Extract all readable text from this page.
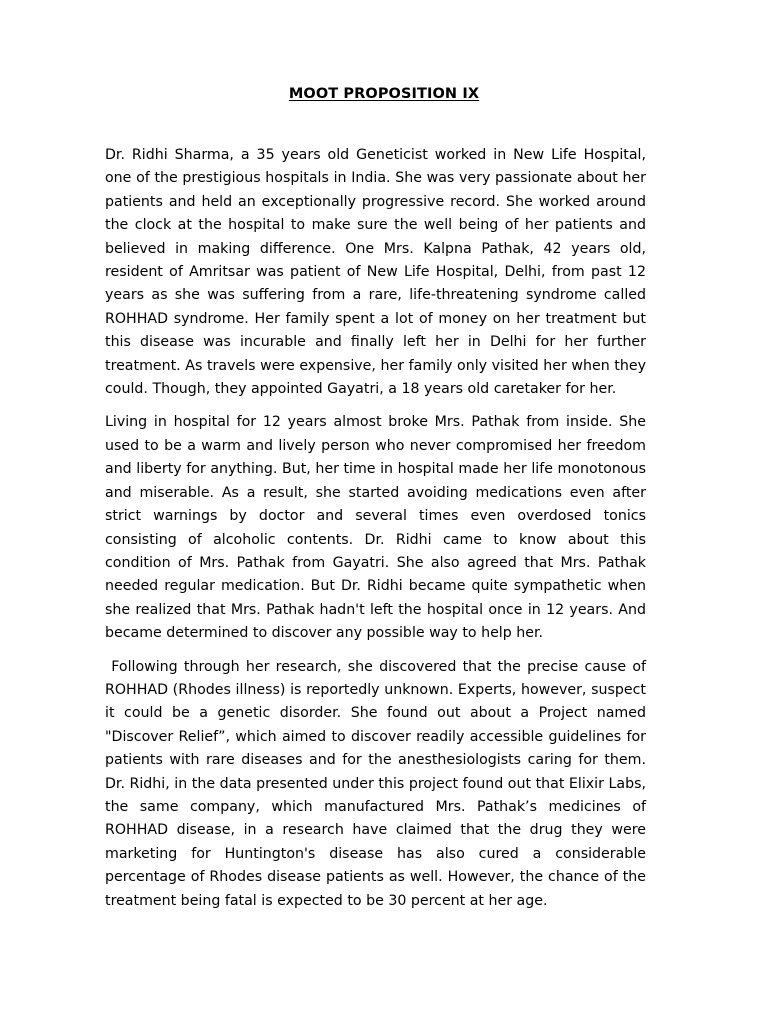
MOOT PROPOSITION IX

Dr. Ridhi Sharma, a 35 years old Geneticist worked in New Life Hospital, one of the prestigious hospitals in India. She was very passionate about her patients and held an exceptionally progressive record. She worked around the clock at the hospital to make sure the well being of her patients and believed in making difference. One Mrs. Kalpna Pathak, 42 years old, resident of Amritsar was patient of New Life Hospital, Delhi, from past 12 years as she was suffering from a rare, life-threatening syndrome called ROHHAD syndrome. Her family spent a lot of money on her treatment but this disease was incurable and finally left her in Delhi for her further treatment. As travels were expensive, her family only visited her when they could. Though, they appointed Gayatri, a 18 years old caretaker for her.

Living in hospital for 12 years almost broke Mrs. Pathak from inside. She used to be a warm and lively person who never compromised her freedom and liberty for anything. But, her time in hospital made her life monotonous and miserable. As a result, she started avoiding medications even after strict warnings by doctor and several times even overdosed tonics consisting of alcoholic contents. Dr. Ridhi came to know about this condition of Mrs. Pathak from Gayatri. She also agreed that Mrs. Pathak needed regular medication. But Dr. Ridhi became quite sympathetic when she realized that Mrs. Pathak hadn't left the hospital once in 12 years. And became determined to discover any possible way to help her.

Following through her research, she discovered that the precise cause of ROHHAD (Rhodes illness) is reportedly unknown. Experts, however, suspect it could be a genetic disorder. She found out about a Project named "Discover Relief”, which aimed to discover readily accessible guidelines for patients with rare diseases and for the anesthesiologists caring for them. Dr. Ridhi, in the data presented under this project found out that Elixir Labs, the same company, which manufactured Mrs. Pathak’s medicines of ROHHAD disease, in a research have claimed that the drug they were marketing for Huntington's disease has also cured a considerable percentage of Rhodes disease patients as well. However, the chance of the treatment being fatal is expected to be 30 percent at her age.
